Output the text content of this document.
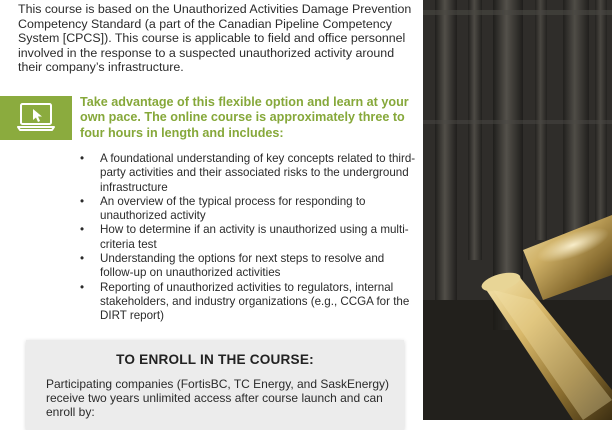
This course is based on the Unauthorized Activities Damage Prevention Competency Standard (a part of the Canadian Pipeline Competency System [CPCS]). This course is applicable to field and office personnel involved in the response to a suspected unauthorized activity around their company’s infrastructure.

Take advantage of this flexible option and learn at your own pace. The online course is approximately three to four hours in length and includes:

• A foundational understanding of key concepts related to third-party activities and their associated risks to the underground infrastructure
• An overview of the typical process for responding to unauthorized activity
• How to determine if an activity is unauthorized using a multi-criteria test
• Understanding the options for next steps to resolve and follow-up on unauthorized activities
• Reporting of unauthorized activities to regulators, internal stakeholders, and industry organizations (e.g., CCGA for the DIRT report)
TO ENROLL IN THE COURSE:

Participating companies (FortisBC, TC Energy, and SaskEnergy) receive two years unlimited access after course launch and can enroll by:
